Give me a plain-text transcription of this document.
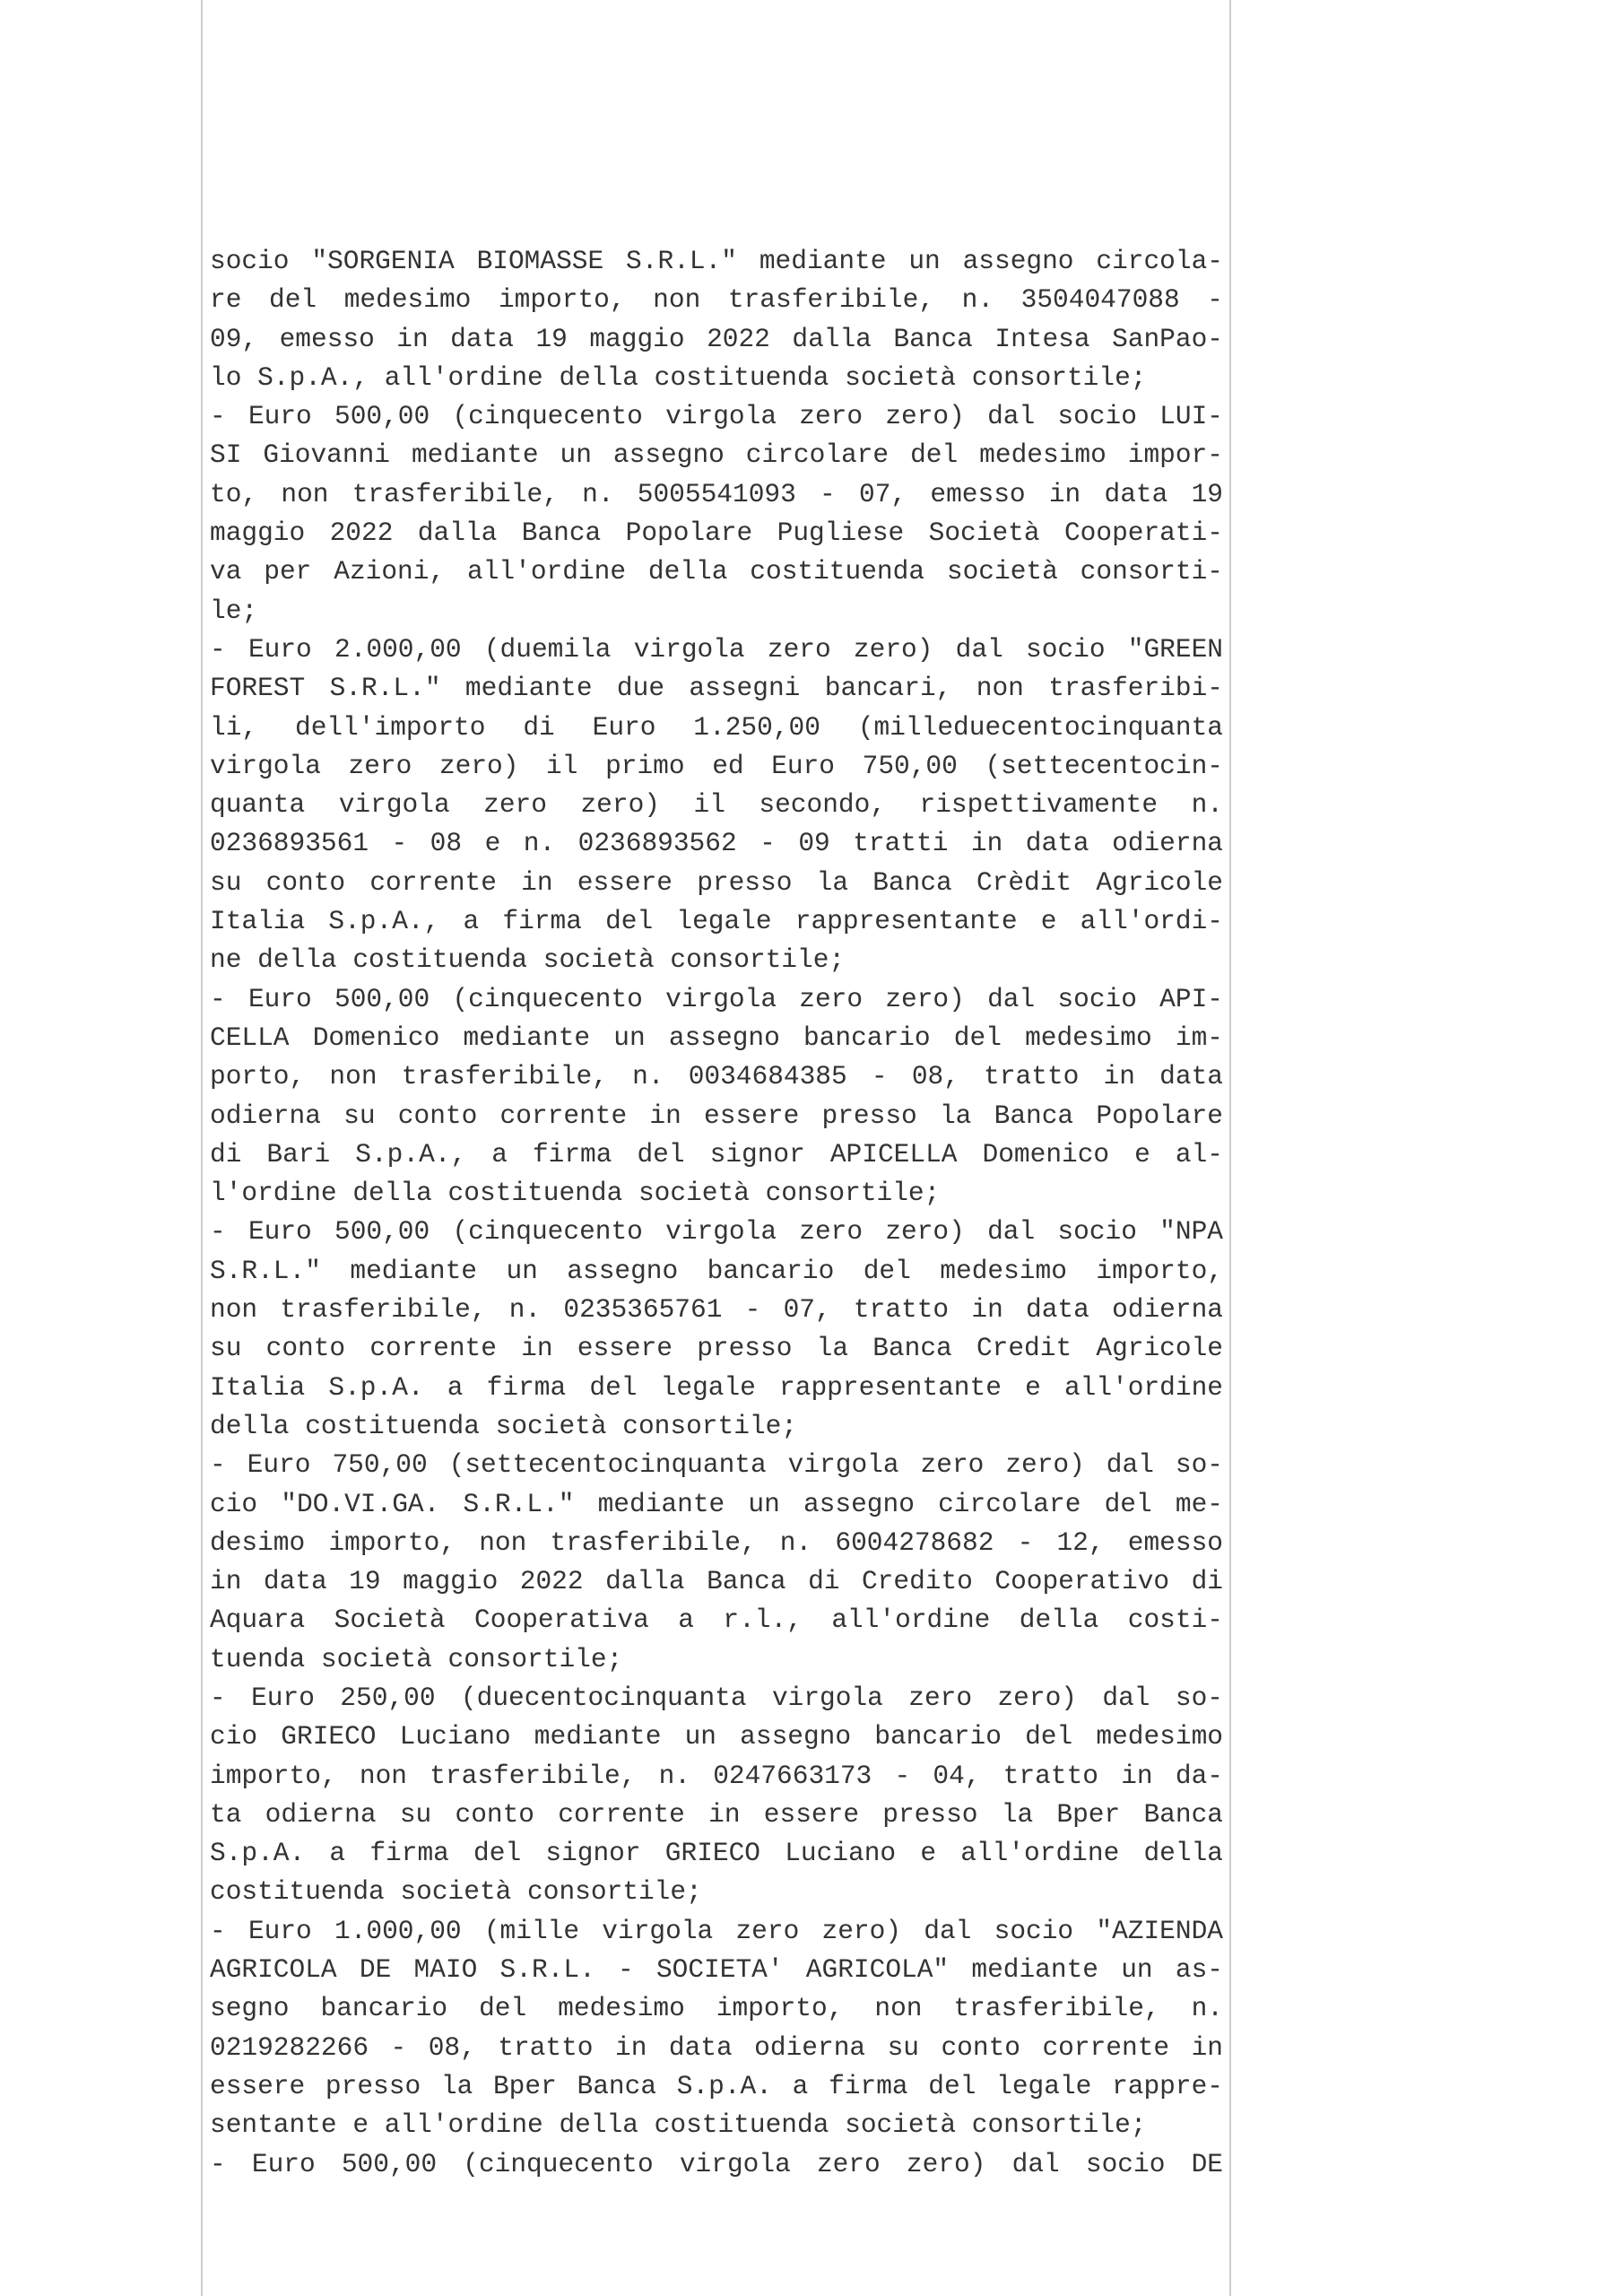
socio "SORGENIA BIOMASSE S.R.L." mediante un assegno circola-
re del medesimo importo, non trasferibile, n. 3504047088 -
09, emesso in data 19 maggio 2022 dalla Banca Intesa SanPao-
lo S.p.A., all'ordine della costituenda società consortile;
- Euro 500,00 (cinquecento virgola zero zero) dal socio LUI-
SI Giovanni mediante un assegno circolare del medesimo impor-
to, non trasferibile, n. 5005541093 - 07, emesso in data 19
maggio 2022 dalla Banca Popolare Pugliese Società Cooperati-
va per Azioni, all'ordine della costituenda società consorti-
le;
- Euro 2.000,00 (duemila virgola zero zero) dal socio "GREEN
FOREST S.R.L." mediante due assegni bancari, non trasferibi-
li, dell'importo di Euro 1.250,00 (milleduecentocinquanta
virgola zero zero) il primo ed Euro 750,00 (settecentocin-
quanta virgola zero zero) il secondo, rispettivamente n.
0236893561 - 08 e n. 0236893562 - 09 tratti in data odierna
su conto corrente in essere presso la Banca Crèdit Agricole
Italia S.p.A., a firma del legale rappresentante e all'ordi-
ne della costituenda società consortile;
- Euro 500,00 (cinquecento virgola zero zero) dal socio API-
CELLA Domenico mediante un assegno bancario del medesimo im-
porto, non trasferibile, n. 0034684385 - 08, tratto in data
odierna su conto corrente in essere presso la Banca Popolare
di Bari S.p.A., a firma del signor APICELLA Domenico e al-
l'ordine della costituenda società consortile;
- Euro 500,00 (cinquecento virgola zero zero) dal socio "NPA
S.R.L." mediante un assegno bancario del medesimo importo,
non trasferibile, n. 0235365761 - 07, tratto in data odierna
su conto corrente in essere presso la Banca Credit Agricole
Italia S.p.A. a firma del legale rappresentante e all'ordine
della costituenda società consortile;
- Euro 750,00 (settecentocinquanta virgola zero zero) dal so-
cio "DO.VI.GA. S.R.L." mediante un assegno circolare del me-
desimo importo, non trasferibile, n. 6004278682 - 12, emesso
in data 19 maggio 2022 dalla Banca di Credito Cooperativo di
Aquara Società Cooperativa a r.l., all'ordine della costi-
tuenda società consortile;
- Euro 250,00 (duecentocinquanta virgola zero zero) dal so-
cio GRIECO Luciano mediante un assegno bancario del medesimo
importo, non trasferibile, n. 0247663173 - 04, tratto in da-
ta odierna su conto corrente in essere presso la Bper Banca
S.p.A. a firma del signor GRIECO Luciano e all'ordine della
costituenda società consortile;
- Euro 1.000,00 (mille virgola zero zero) dal socio "AZIENDA
AGRICOLA DE MAIO S.R.L. - SOCIETA' AGRICOLA" mediante un as-
segno bancario del medesimo importo, non trasferibile, n.
0219282266 - 08, tratto in data odierna su conto corrente in
essere presso la Bper Banca S.p.A. a firma del legale rappre-
sentante e all'ordine della costituenda società consortile;
- Euro 500,00 (cinquecento virgola zero zero) dal socio DE
